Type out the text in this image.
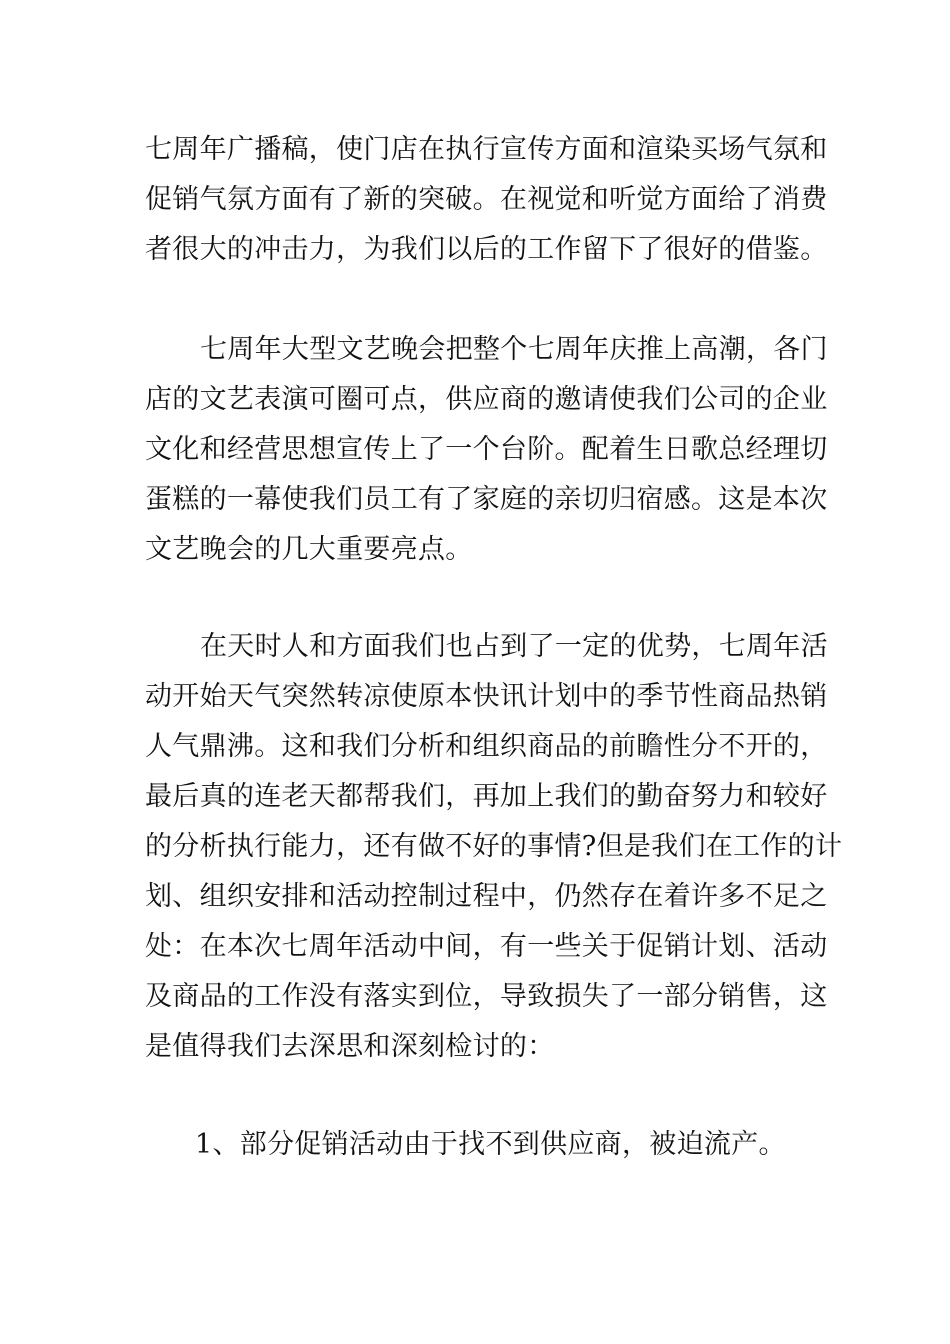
七周年广播稿，使门店在执行宣传方面和渲染买场气氛和
促销气氛方面有了新的突破。在视觉和听觉方面给了消费
者很大的冲击力，为我们以后的工作留下了很好的借鉴。
七周年大型文艺晚会把整个七周年庆推上高潮，各门
店的文艺表演可圈可点，供应商的邀请使我们公司的企业
文化和经营思想宣传上了一个台阶。配着生日歌总经理切
蛋糕的一幕使我们员工有了家庭的亲切归宿感。这是本次
文艺晚会的几大重要亮点。
在天时人和方面我们也占到了一定的优势，七周年活
动开始天气突然转凉使原本快讯计划中的季节性商品热销
人气鼎沸。这和我们分析和组织商品的前瞻性分不开的，
最后真的连老天都帮我们，再加上我们的勤奋努力和较好
的分析执行能力，还有做不好的事情?但是我们在工作的计
划、组织安排和活动控制过程中，仍然存在着许多不足之
处：在本次七周年活动中间，有一些关于促销计划、活动
及商品的工作没有落实到位，导致损失了一部分销售，这
是值得我们去深思和深刻检讨的：
1、部分促销活动由于找不到供应商，被迫流产。
